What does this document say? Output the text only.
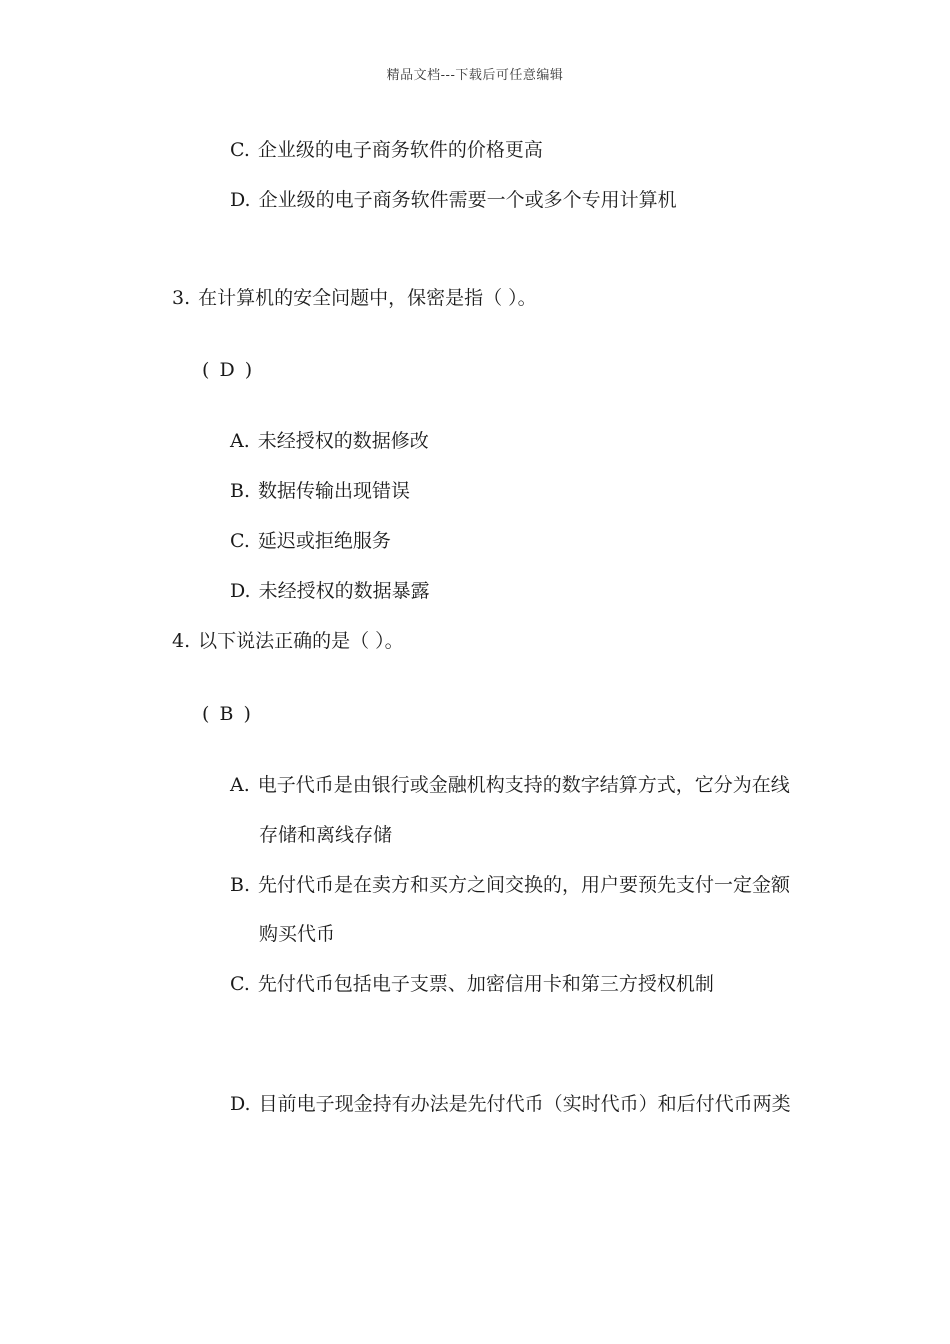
精品文档---下载后可任意编辑
C. 企业级的电子商务软件的价格更高
D. 企业级的电子商务软件需要一个或多个专用计算机
3. 在计算机的安全问题中，保密是指（ ）。
( D )
A. 未经授权的数据修改
B. 数据传输出现错误
C. 延迟或拒绝服务
D. 未经授权的数据暴露
4. 以下说法正确的是（ ）。
( B )
A. 电子代币是由银行或金融机构支持的数字结算方式，它分为在线
存储和离线存储
B. 先付代币是在卖方和买方之间交换的，用户要预先支付一定金额
购买代币
C. 先付代币包括电子支票、加密信用卡和第三方授权机制
D. 目前电子现金持有办法是先付代币（实时代币）和后付代币两类
